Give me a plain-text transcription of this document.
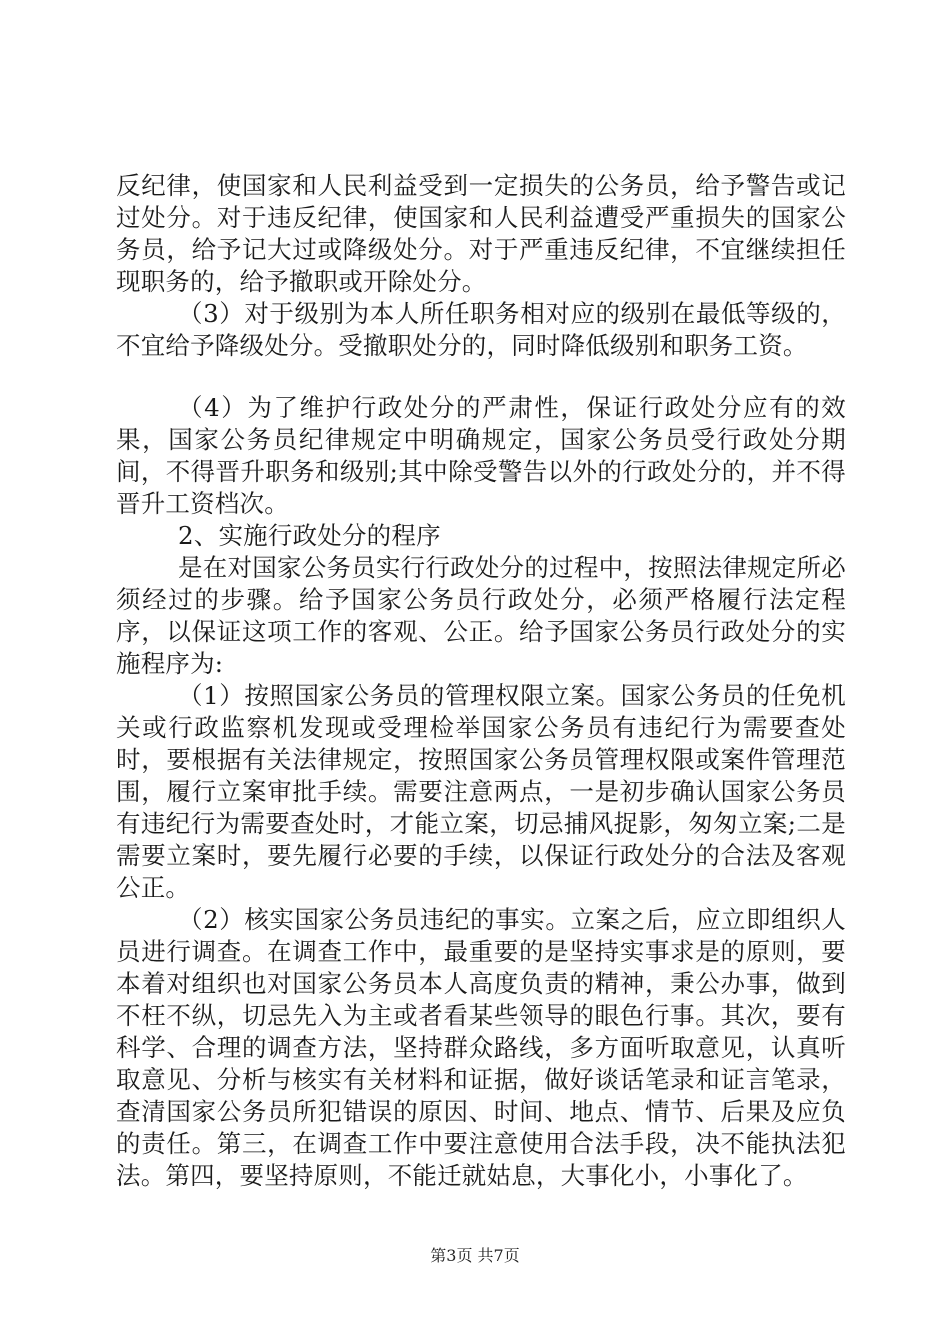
反纪律，使国家和人民利益受到一定损失的公务员，给予警告或记过处分。对于违反纪律，使国家和人民利益遭受严重损失的国家公务员，给予记大过或降级处分。对于严重违反纪律，不宜继续担任现职务的，给予撤职或开除处分。

（3）对于级别为本人所任职务相对应的级别在最低等级的，不宜给予降级处分。受撤职处分的，同时降低级别和职务工资。

（4）为了维护行政处分的严肃性，保证行政处分应有的效果，国家公务员纪律规定中明确规定，国家公务员受行政处分期间，不得晋升职务和级别;其中除受警告以外的行政处分的，并不得晋升工资档次。

2、实施行政处分的程序

是在对国家公务员实行行政处分的过程中，按照法律规定所必须经过的步骤。给予国家公务员行政处分，必须严格履行法定程序，以保证这项工作的客观、公正。给予国家公务员行政处分的实施程序为:

（1）按照国家公务员的管理权限立案。国家公务员的任免机关或行政监察机发现或受理检举国家公务员有违纪行为需要查处时，要根据有关法律规定，按照国家公务员管理权限或案件管理范围，履行立案审批手续。需要注意两点，一是初步确认国家公务员有违纪行为需要查处时，才能立案，切忌捕风捉影，匆匆立案;二是需要立案时，要先履行必要的手续，以保证行政处分的合法及客观公正。

（2）核实国家公务员违纪的事实。立案之后，应立即组织人员进行调查。在调查工作中，最重要的是坚持实事求是的原则，要本着对组织也对国家公务员本人高度负责的精神，秉公办事，做到不枉不纵，切忌先入为主或者看某些领导的眼色行事。其次，要有科学、合理的调查方法，坚持群众路线，多方面听取意见，认真听取意见、分析与核实有关材料和证据，做好谈话笔录和证言笔录，查清国家公务员所犯错误的原因、时间、地点、情节、后果及应负的责任。第三，在调查工作中要注意使用合法手段，决不能执法犯法。第四，要坚持原则，不能迁就姑息，大事化小，小事化了。

第3页 共7页
